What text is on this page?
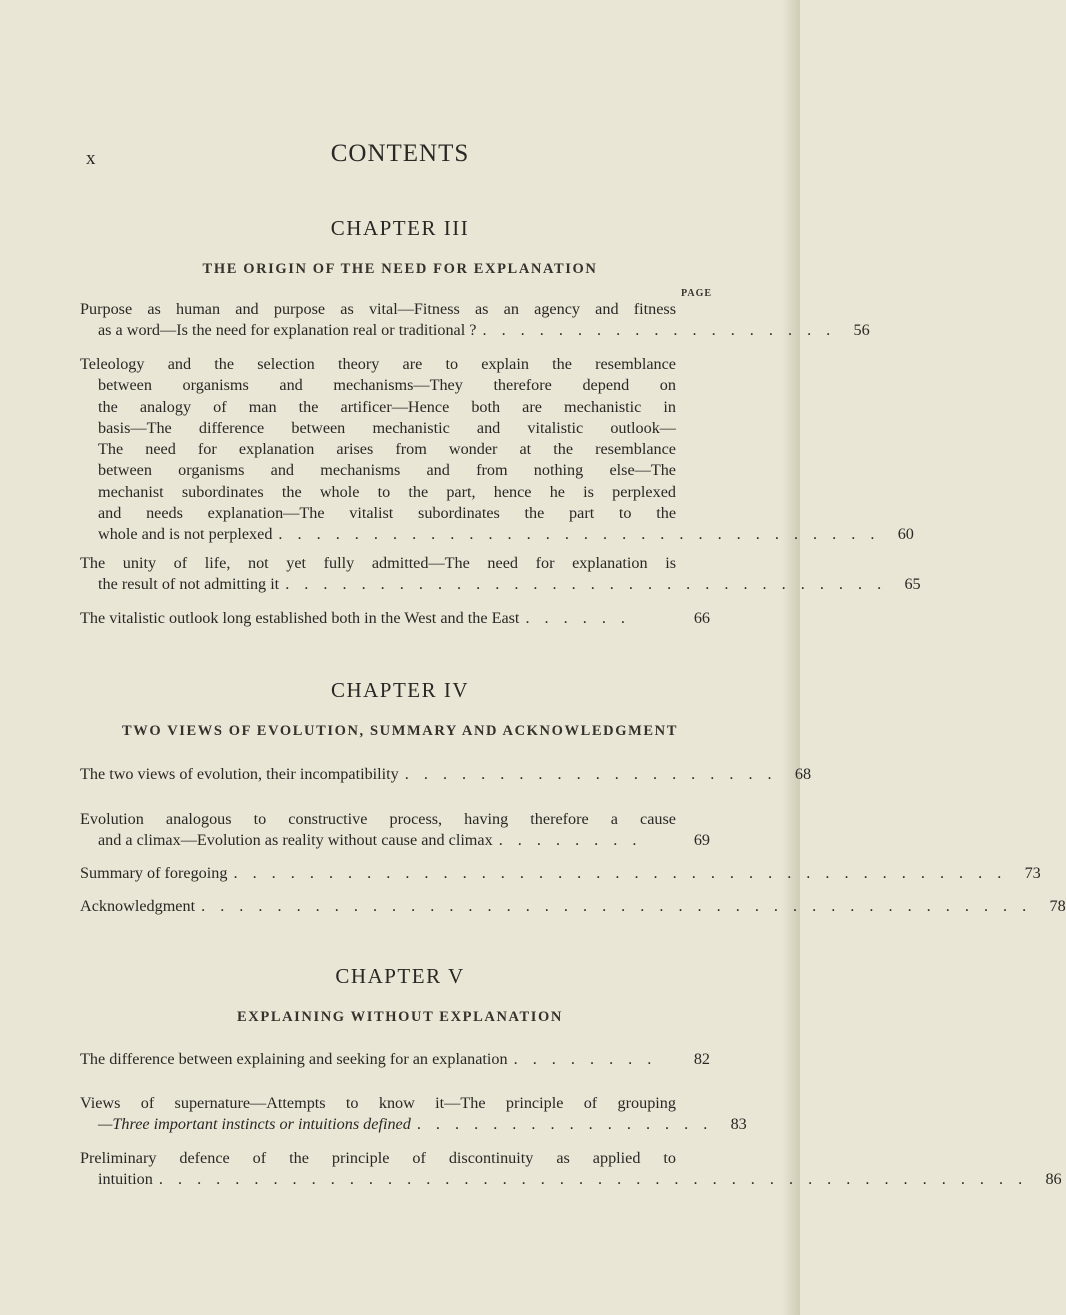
x	CONTENTS
CHAPTER III
THE ORIGIN OF THE NEED FOR EXPLANATION
PAGE
Purpose as human and purpose as vital—Fitness as an agency and fitness
as a word—Is the need for explanation real or traditional ? . . . . . . . . . . . . . . . . . . .	56
Teleology and the selection theory are to explain the resemblance
between organisms and mechanisms—They therefore depend on
the analogy of man the artificer—Hence both are mechanistic in
basis—The difference between mechanistic and vitalistic outlook—
The need for explanation arises from wonder at the resemblance
between organisms and mechanisms and from nothing else—The
mechanist subordinates the whole to the part, hence he is perplexed
and needs explanation—The vitalist subordinates the part to the
whole and is not perplexed . . . . . . . . . . . . . . . . . . . . . . . . . . . . . . . .	60
The unity of life, not yet fully admitted—The need for explanation is
the result of not admitting it . . . . . . . . . . . . . . . . . . . . . . . . . . . . . . . .	65
The vitalistic outlook long established both in the West and the East . . . . . .	66
CHAPTER IV
TWO VIEWS OF EVOLUTION, SUMMARY AND ACKNOWLEDGMENT
The two views of evolution, their incompatibility . . . . . . . . . . . . . . . . . . . .	68
Evolution analogous to constructive process, having therefore a cause
and a climax—Evolution as reality without cause and climax . . . . . . . .	69
Summary of foregoing . . . . . . . . . . . . . . . . . . . . . . . . . . . . . . . . . . . . . . . . .	73
Acknowledgment . . . . . . . . . . . . . . . . . . . . . . . . . . . . . . . . . . . . . . . . . . . .	78
CHAPTER V
EXPLAINING WITHOUT EXPLANATION
The difference between explaining and seeking for an explanation . . . . . . . .	82
Views of supernature—Attempts to know it—The principle of grouping
—Three important instincts or intuitions defined . . . . . . . . . . . . . . . .	83
Preliminary defence of the principle of discontinuity as applied to
intuition . . . . . . . . . . . . . . . . . . . . . . . . . . . . . . . . . . . . . . . . . . . . . .	86
